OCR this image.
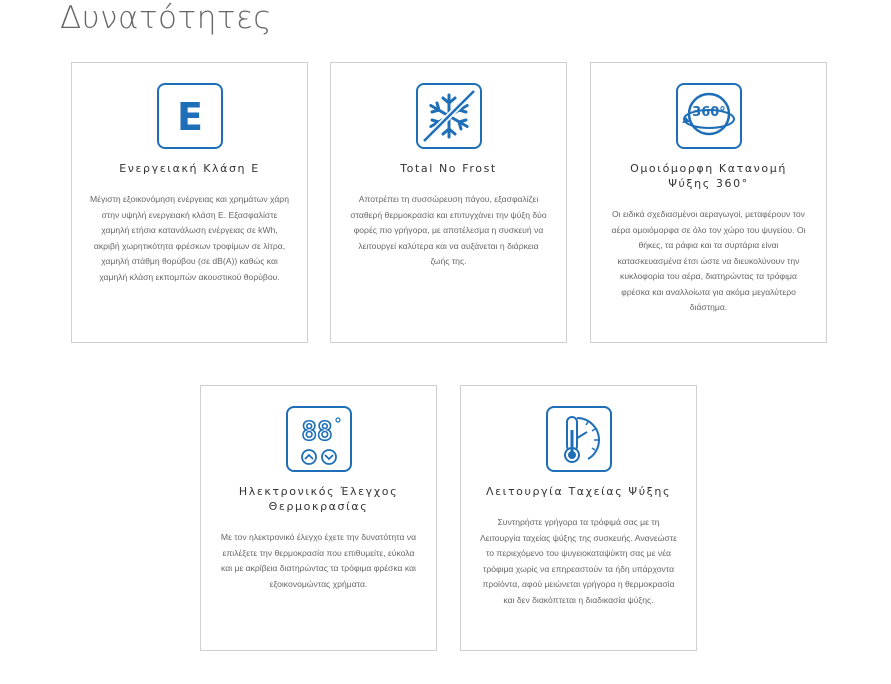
Δυνατότητες
E
Ενεργειακή Κλάση E
Μέγιστη εξοικονόμηση ενέργειας και χρημάτων χάρη στην υψηλή ενεργειακή κλάση E. Εξασφαλίστε χαμηλή ετήσια κατανάλωση ενέργειας σε kWh, ακριβή χωρητικότητα φρέσκων τροφίμων σε λίτρα, χαμηλή στάθμη θορύβου (σε dB(A)) καθώς και χαμηλή κλάση εκπομπών ακουστικού θορύβου.
Total No Frost
Αποτρέπει τη συσσώρευση πάγου, εξασφαλίζει σταθερή θερμοκρασία και επιτυγχάνει την ψύξη δύο φορές πιο γρήγορα, με αποτέλεσμα η συσκευή να λειτουργεί καλύτερα και να αυξάνεται η διάρκεια ζωής της.
360°
Ομοιόμορφη Κατανομή Ψύξης 360°
Οι ειδικά σχεδιασμένοι αεραγωγοί, μεταφέρουν τον αέρα ομοιόμορφα σε όλο τον χώρο του ψυγείου. Οι θήκες, τα ράφια και τα συρτάρια είναι κατασκευασμένα έτσι ώστε να διευκολύνουν την κυκλοφορία του αέρα, διατηρώντας τα τρόφιμα φρέσκα και αναλλοίωτα για ακόμα μεγαλύτερο διάστημα.
88
Ηλεκτρονικός Έλεγχος Θερμοκρασίας
Με τον ηλεκτρονικό έλεγχο έχετε την δυνατότητα να επιλέξετε την θερμοκρασία που επιθυμείτε, εύκολα και με ακρίβεια διατηρώντας τα τρόφιμα φρέσκα και εξοικονομώντας χρήματα.
Λειτουργία Ταχείας Ψύξης
Συντηρήστε γρήγορα τα τρόφιμά σας με τη Λειτουργία ταχείας ψύξης της συσκευής. Ανανεώστε το περιεχόμενο του ψυγειοκαταψύκτη σας με νέα τρόφιμα χωρίς να επηρεαστούν τα ήδη υπάρχοντα προϊόντα, αφού μειώνεται γρήγορα η θερμοκρασία και δεν διακόπτεται η διαδικασία ψύξης.
